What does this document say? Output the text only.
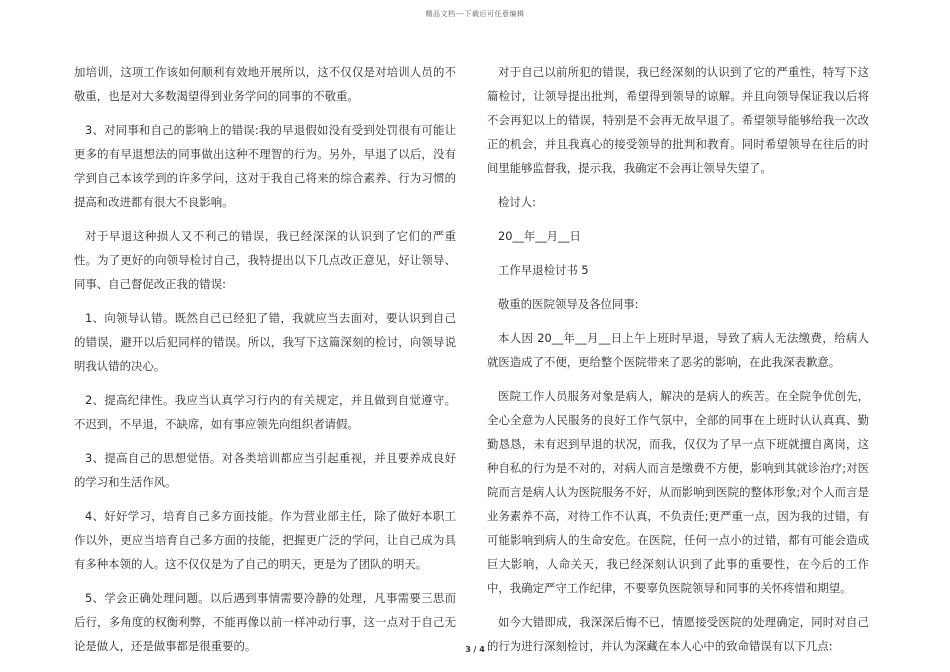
精品文档---下载后可任意编辑

加培训，这项工作该如何顺利有效地开展所以，这不仅仅是对培训人员的不敬重，也是对大多数渴望得到业务学问的同事的不敬重。

3、对同事和自己的影响上的错误:我的早退假如没有受到处罚很有可能让更多的有早退想法的同事做出这种不理智的行为。另外，早退了以后，没有学到自己本该学到的许多学问，这对于我自己将来的综合素养、行为习惯的提高和改进都有很大不良影响。

对于早退这种损人又不利己的错误，我已经深深的认识到了它们的严重性。为了更好的向领导检讨自己，我特提出以下几点改正意见，好让领导、同事、自己督促改正我的错误:

1、向领导认错。既然自己已经犯了错，我就应当去面对，要认识到自己的错误，避开以后犯同样的错误。所以，我写下这篇深刻的检讨，向领导说明我认错的决心。

2、提高纪律性。我应当认真学习行内的有关规定，并且做到自觉遵守。不迟到，不早退，不缺席，如有事应领先向组织者请假。

3、提高自己的思想觉悟。对各类培训都应当引起重视，并且要养成良好的学习和生活作风。

4、好好学习，培育自己多方面技能。作为营业部主任，除了做好本职工作以外，更应当培育自己多方面的技能，把握更广泛的学问，让自己成为具有多种本领的人。这不仅仅是为了自己的明天，更是为了团队的明天。

5、学会正确处理问题。以后遇到事情需要冷静的处理，凡事需要三思而后行，多角度的权衡利弊，不能再像以前一样冲动行事，这一点对于自己无论是做人，还是做事都是很重要的。

对于自己以前所犯的错误，我已经深刻的认识到了它的严重性，特写下这篇检讨，让领导提出批判，希望得到领导的谅解。并且向领导保证我以后将不会再犯以上的错误，特别是不会再无故早退了。希望领导能够给我一次改正的机会，并且我真心的接受领导的批判和教育。同时希望领导在往后的时间里能够监督我，提示我，我确定不会再让领导失望了。

检讨人:

20__年__月__日

工作早退检讨书 5

敬重的医院领导及各位同事:

本人因 20__年__月__日上午上班时早退，导致了病人无法缴费，给病人就医造成了不便，更给整个医院带来了恶劣的影响，在此我深表歉意。

医院工作人员服务对象是病人，解决的是病人的疾苦。在全院争优创先，全心全意为人民服务的良好工作气氛中，全部的同事在上班时认认真真、勤勤恳恳，未有迟到早退的状况，而我，仅仅为了早一点下班就擅自离岗，这种自私的行为是不对的，对病人而言是缴费不方便，影响到其就诊治疗;对医院而言是病人认为医院服务不好，从而影响到医院的整体形象;对个人而言是业务素养不高，对待工作不认真，不负责任;更严重一点，因为我的过错，有可能影响到病人的生命安危。在医院，任何一点小的过错，都有可能会造成巨大影响，人命关天，我已经深刻认识到了此事的重要性，在今后的工作中，我确定严守工作纪律，不要辜负医院领导和同事的关怀疼惜和期望。

如今大错即成，我深深后悔不已，情愿接受医院的处理确定，同时对自己的行为进行深刻检讨，并认为深藏在本人心中的致命错误有以下几点:

3 / 4
